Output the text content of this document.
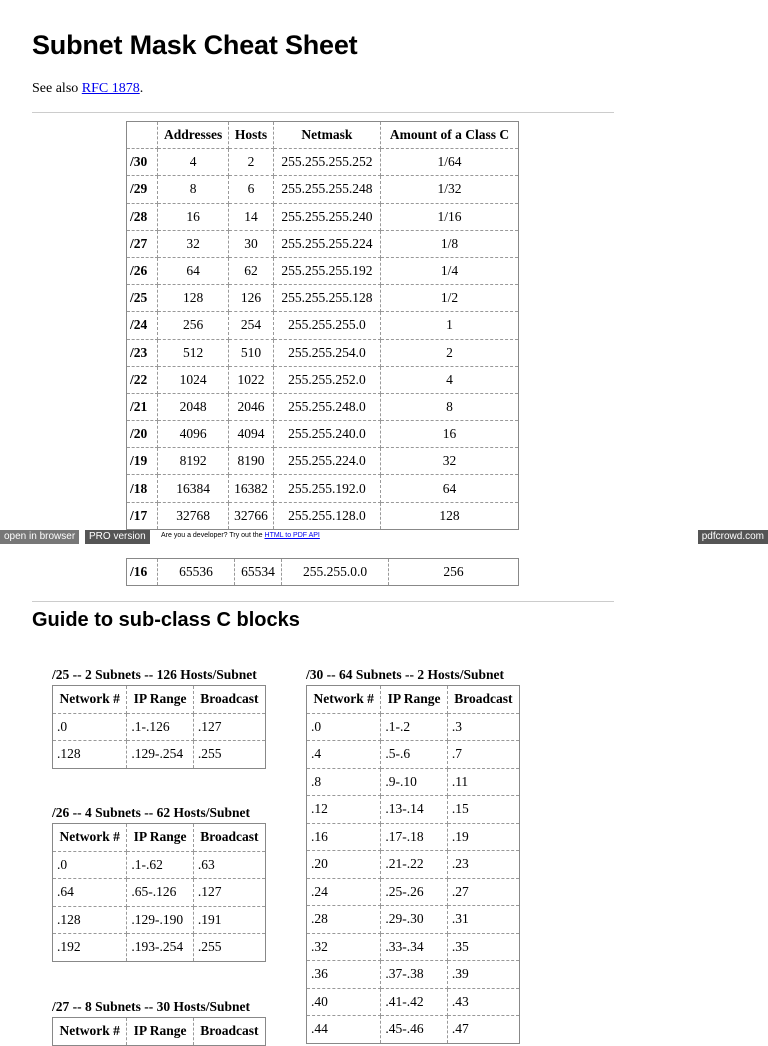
Subnet Mask Cheat Sheet
See also RFC 1878.
	Addresses	Hosts	Netmask	Amount of a Class C
/30	4	2	255.255.255.252	1/64
/29	8	6	255.255.255.248	1/32
/28	16	14	255.255.255.240	1/16
/27	32	30	255.255.255.224	1/8
/26	64	62	255.255.255.192	1/4
/25	128	126	255.255.255.128	1/2
/24	256	254	255.255.255.0	1
/23	512	510	255.255.254.0	2
/22	1024	1022	255.255.252.0	4
/21	2048	2046	255.255.248.0	8
/20	4096	4094	255.255.240.0	16
/19	8192	8190	255.255.224.0	32
/18	16384	16382	255.255.192.0	64
/17	32768	32766	255.255.128.0	128
open in browser	PRO version	Are you a developer? Try out the HTML to PDF API	pdfcrowd.com
/16	65536	65534	255.255.0.0	256
Guide to sub-class C blocks
/25 -- 2 Subnets -- 126 Hosts/Subnet
Network #	IP Range	Broadcast
.0	.1-.126	.127
.128	.129-.254	.255
/26 -- 4 Subnets -- 62 Hosts/Subnet
Network #	IP Range	Broadcast
.0	.1-.62	.63
.64	.65-.126	.127
.128	.129-.190	.191
.192	.193-.254	.255
/27 -- 8 Subnets -- 30 Hosts/Subnet
Network #	IP Range	Broadcast
/30 -- 64 Subnets -- 2 Hosts/Subnet
Network #	IP Range	Broadcast
.0	.1-.2	.3
.4	.5-.6	.7
.8	.9-.10	.11
.12	.13-.14	.15
.16	.17-.18	.19
.20	.21-.22	.23
.24	.25-.26	.27
.28	.29-.30	.31
.32	.33-.34	.35
.36	.37-.38	.39
.40	.41-.42	.43
.44	.45-.46	.47
